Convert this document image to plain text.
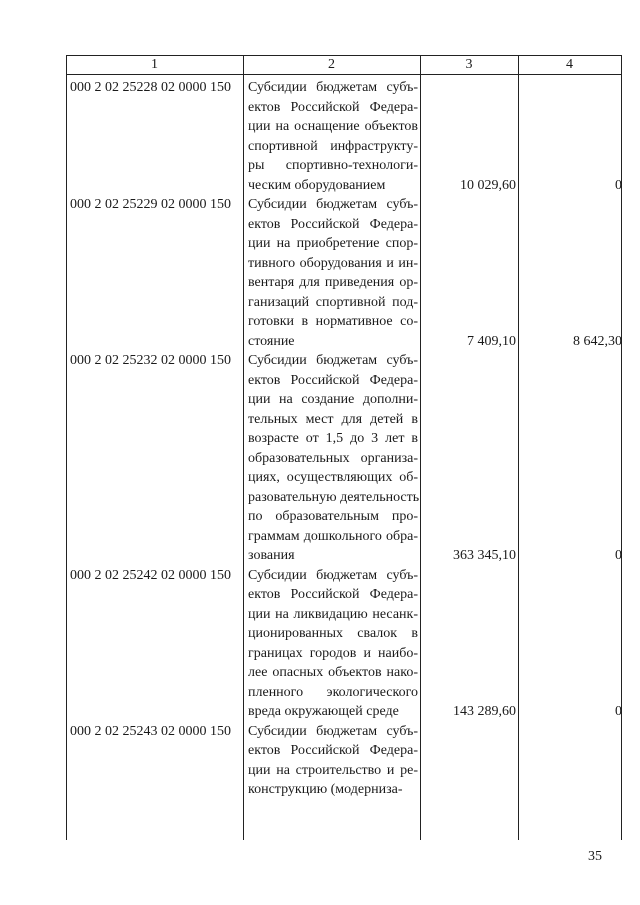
1	2	3	4
000 2 02 25228 02 0000 150	Субсидии бюджетам субъ-
ектов Российской Федера-
ции на оснащение объектов
спортивной инфраструкту-
ры спортивно-технологи-
ческим оборудованием	10 029,60	0
000 2 02 25229 02 0000 150	Субсидии бюджетам субъ-
ектов Российской Федера-
ции на приобретение спор-
тивного оборудования и ин-
вентаря для приведения ор-
ганизаций спортивной под-
готовки в нормативное со-
стояние	7 409,10	8 642,30
000 2 02 25232 02 0000 150	Субсидии бюджетам субъ-
ектов Российской Федера-
ции на создание дополни-
тельных мест для детей в
возрасте от 1,5 до 3 лет в
образовательных организа-
циях, осуществляющих об-
разовательную деятельность
по образовательным про-
граммам дошкольного обра-
зования	363 345,10	0
000 2 02 25242 02 0000 150	Субсидии бюджетам субъ-
ектов Российской Федера-
ции на ликвидацию несанк-
ционированных свалок в
границах городов и наибо-
лее опасных объектов нако-
пленного экологического
вреда окружающей среде	143 289,60	0
000 2 02 25243 02 0000 150	Субсидии бюджетам субъ-
ектов Российской Федера-
ции на строительство и ре-
конструкцию (модерниза-
35
